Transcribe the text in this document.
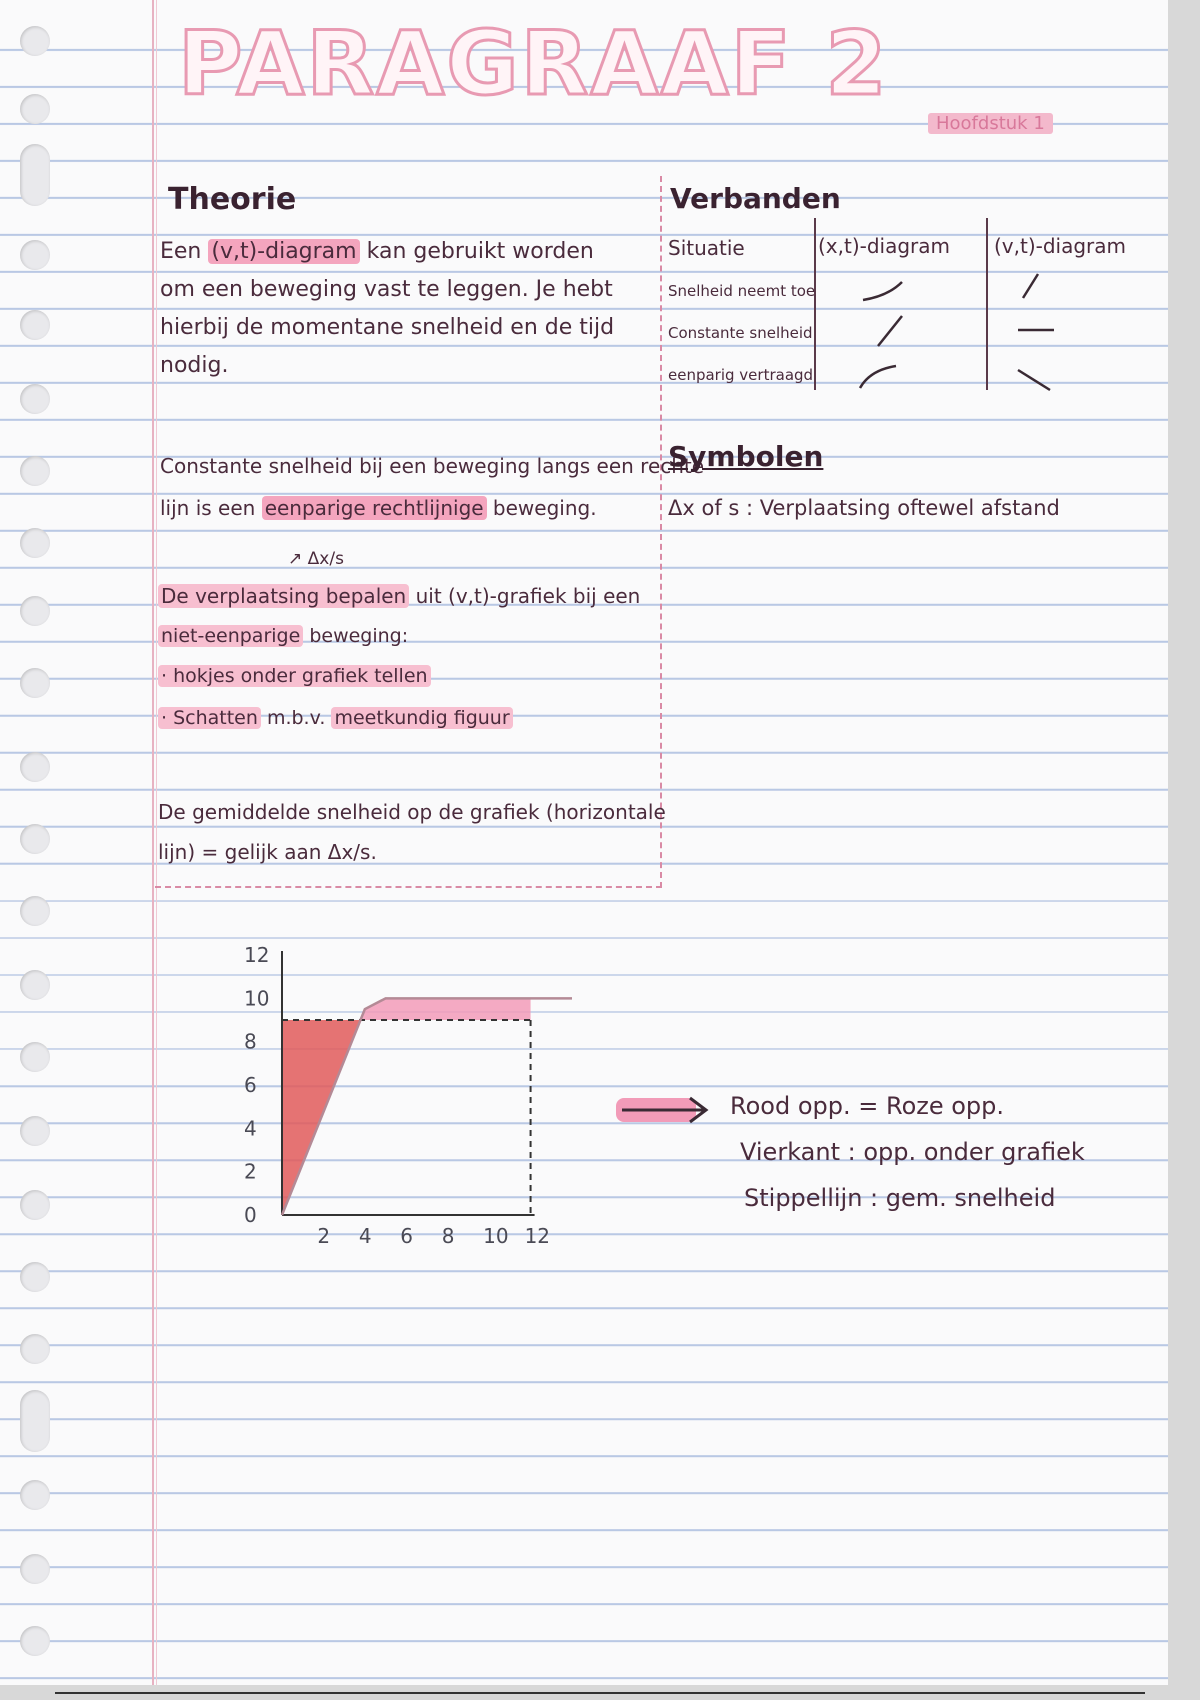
PARAGRAAF 2
Hoofdstuk 1
Theorie
Een (v,t)-diagram kan gebruikt worden
om een beweging vast te leggen. Je hebt
hierbij de momentane snelheid en de tijd
nodig.
Constante snelheid bij een beweging langs een rechte
lijn is een eenparige rechtlijnige beweging.
↗ Δx/s
De verplaatsing bepalen uit (v,t)-grafiek bij een
niet-eenparige beweging:
· hokjes onder grafiek tellen
· Schatten m.b.v. meetkundig figuur
De gemiddelde snelheid op de grafiek (horizontale
lijn) = gelijk aan Δx/s.
Verbanden
Situatie	(x,t)-diagram (v,t)-diagram
Snelheid neemt toe
Constante snelheid
eenparig vertraagd
Symbolen
Δx of s : Verplaatsing oftewel afstand
0
2
4
6
8
10
12
2 4 6 8 10 12
Rood opp. = Roze opp.
Vierkant : opp. onder grafiek
Stippellijn : gem. snelheid
